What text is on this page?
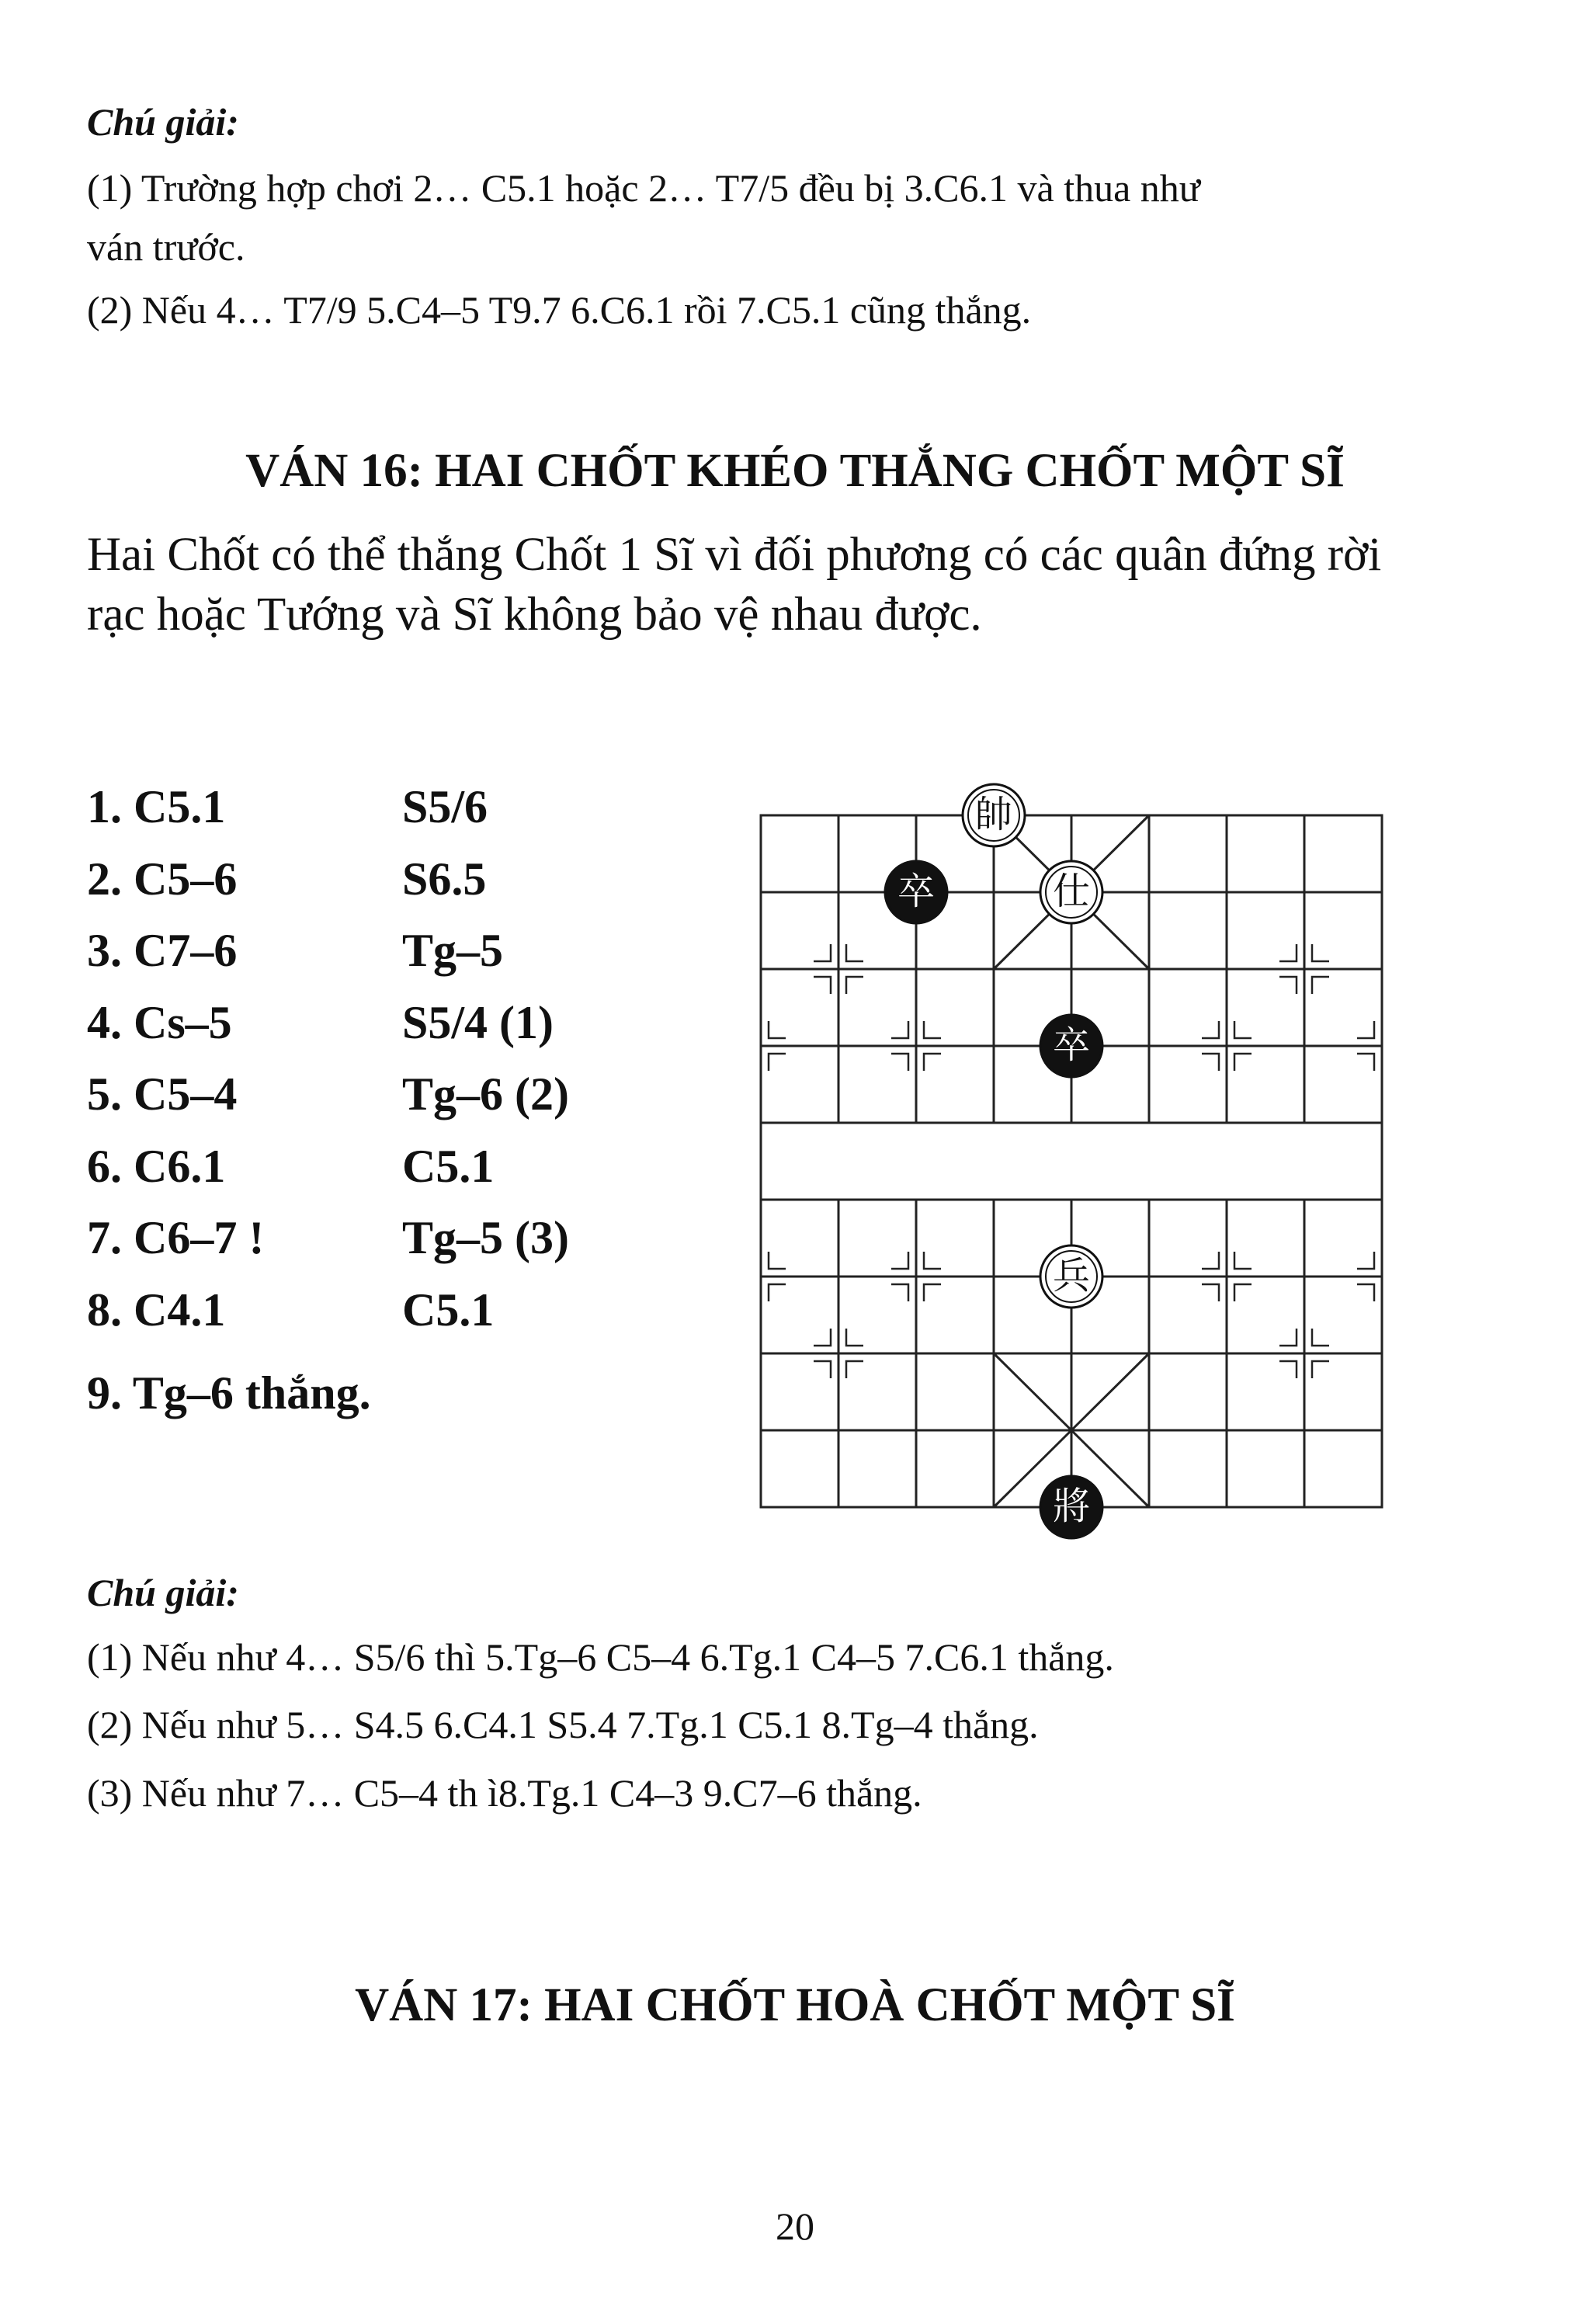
Chú giải:
(1) Trường hợp chơi 2… C5.1 hoặc 2… T7/5 đều bị 3.C6.1 và thua như
ván trước.
(2) Nếu 4… T7/9 5.C4–5 T9.7 6.C6.1 rồi 7.C5.1 cũng thắng.
VÁN 16: HAI CHỐT KHÉO THẮNG CHỐT MỘT SĨ
Hai Chốt có thể thắng Chốt 1 Sĩ vì đối phương có các quân đứng rời
rạc hoặc Tướng và Sĩ không bảo vệ nhau được.
1. C5.1	S5/6
2. C5–6	S6.5
3. C7–6	Tg–5
4. Cs–5	S5/4 (1)
5. C5–4	Tg–6 (2)
6. C6.1	C5.1
7. C6–7 !	Tg–5 (3)
8. C4.1	C5.1
9. Tg–6 thắng.
帥
卒	仕
卒
兵
將
Chú giải:
(1) Nếu như 4… S5/6 thì 5.Tg–6 C5–4 6.Tg.1 C4–5 7.C6.1 thắng.
(2) Nếu như 5… S4.5 6.C4.1 S5.4 7.Tg.1 C5.1 8.Tg–4 thắng.
(3) Nếu như 7… C5–4 th ì8.Tg.1 C4–3 9.C7–6 thắng.
VÁN 17: HAI CHỐT HOÀ CHỐT MỘT SĨ
20
